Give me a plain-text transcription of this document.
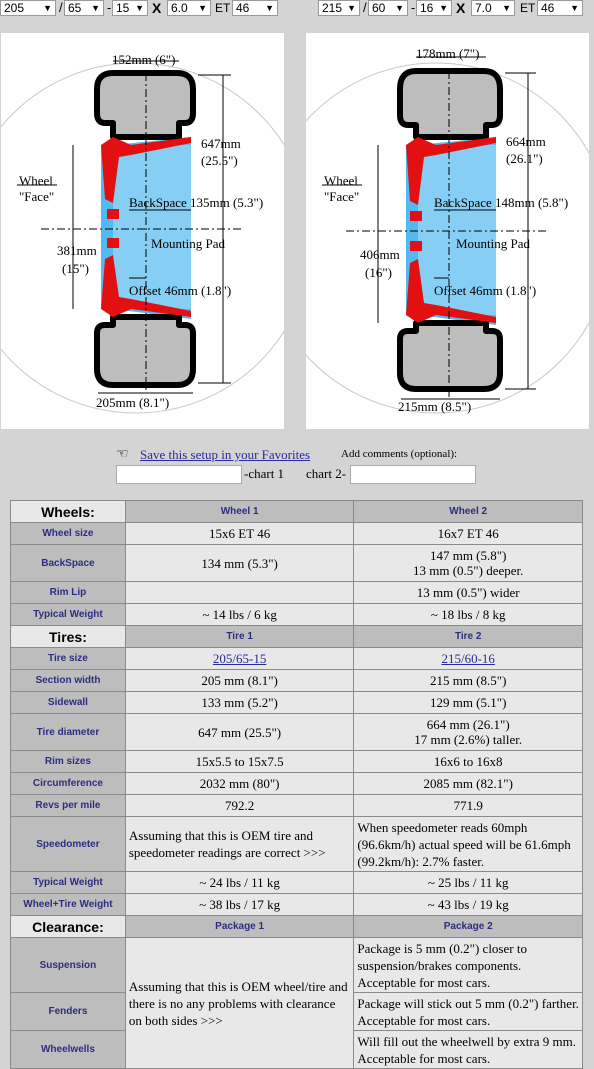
205 ▼ / 65 ▼ - 15 ▼ X 6.0 ▼ ET 46 ▼	215 ▼ / 60 ▼ - 16 ▼ X 7.0 ▼ ET 46 ▼
152mm (6")
647mm
(25.5")
Wheel
"Face"	BackSpace 135mm (5.3")
Mounting Pad
381mm
(15")
Offset 46mm (1.8")
205mm (8.1")
178mm (7")
664mm
(26.1")
Wheel
"Face"	BackSpace 148mm (5.8")
Mounting Pad
406mm
(16")
Offset 46mm (1.8")
215mm (8.5")
☜ Save this setup in your Favorites	Add comments (optional):
-chart 1 chart 2-
Wheels:	Wheel 1	Wheel 2
Wheel size	15x6 ET 46	16x7 ET 46
BackSpace	134 mm (5.3")	147 mm (5.8")
13 mm (0.5") deeper.

Rim Lip		13 mm (0.5") wider
Typical Weight	~ 14 lbs / 6 kg	~ 18 lbs / 8 kg
Tires:	Tire 1	Tire 2
Tire size	205/65-15	215/60-16
Section width	205 mm (8.1")	215 mm (8.5")
Sidewall	133 mm (5.2")	129 mm (5.1")
Tire diameter	647 mm (25.5")	664 mm (26.1")
17 mm (2.6%) taller.

Rim sizes	15x5.5 to 15x7.5	16x6 to 16x8
Circumference	2032 mm (80")	2085 mm (82.1")
Revs per mile	792.2	771.9
Speedometer	Assuming that this is OEM tire and speedometer readings are correct >>>	When speedometer reads 60mph (96.6km/h) actual speed will be 61.6mph (99.2km/h): 2.7% faster.
Typical Weight	~ 24 lbs / 11 kg	~ 25 lbs / 11 kg
Wheel+Tire Weight	~ 38 lbs / 17 kg	~ 43 lbs / 19 kg
Clearance:	Package 1	Package 2
Suspension	Assuming that this is OEM wheel/tire and there is no any problems with clearance on both sides >>>	Package is 5 mm (0.2") closer to suspension/brakes components. Acceptable for most cars.
Fenders		Package will stick out 5 mm (0.2") farther. Acceptable for most cars.
Wheelwells		Will fill out the wheelwell by extra 9 mm. Acceptable for most cars.
